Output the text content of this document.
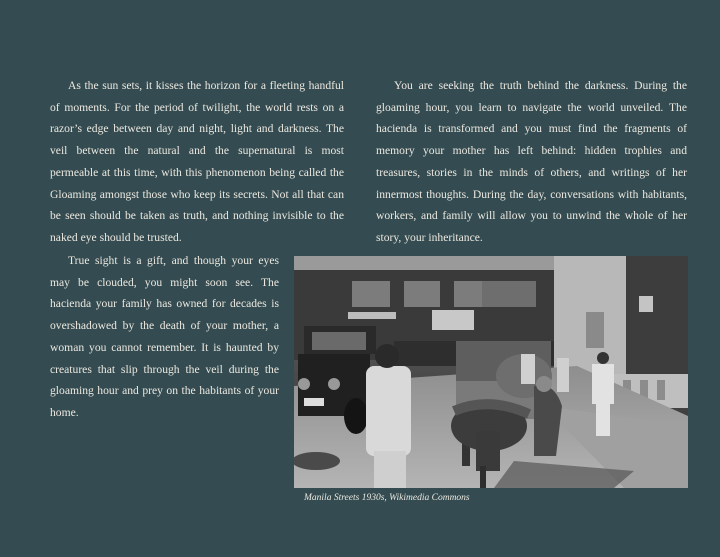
As the sun sets, it kisses the horizon for a fleeting handful of moments. For the period of twilight, the world rests on a razor’s edge between day and night, light and darkness. The veil between the natural and the supernatural is most permeable at this time, with this phenomenon being called the Gloaming amongst those who keep its secrets. Not all that can be seen should be taken as truth, and nothing invisible to the naked eye should be trusted.

You are seeking the truth behind the darkness. During the gloaming hour, you learn to navigate the world unveiled. The hacienda is transformed and you must find the fragments of memory your mother has left behind: hidden trophies and treasures, stories in the minds of others, and writings of her innermost thoughts. During the day, conversations with habitants, workers, and family will allow you to unwind the whole of her story, your inheritance.

True sight is a gift, and though your eyes may be clouded, you might soon see. The hacienda your family has owned for decades is overshadowed by the death of your mother, a woman you cannot remember. It is haunted by creatures that slip through the veil during the gloaming hour and prey on the habitants of your home.

Manila Streets 1930s, Wikimedia Commons
